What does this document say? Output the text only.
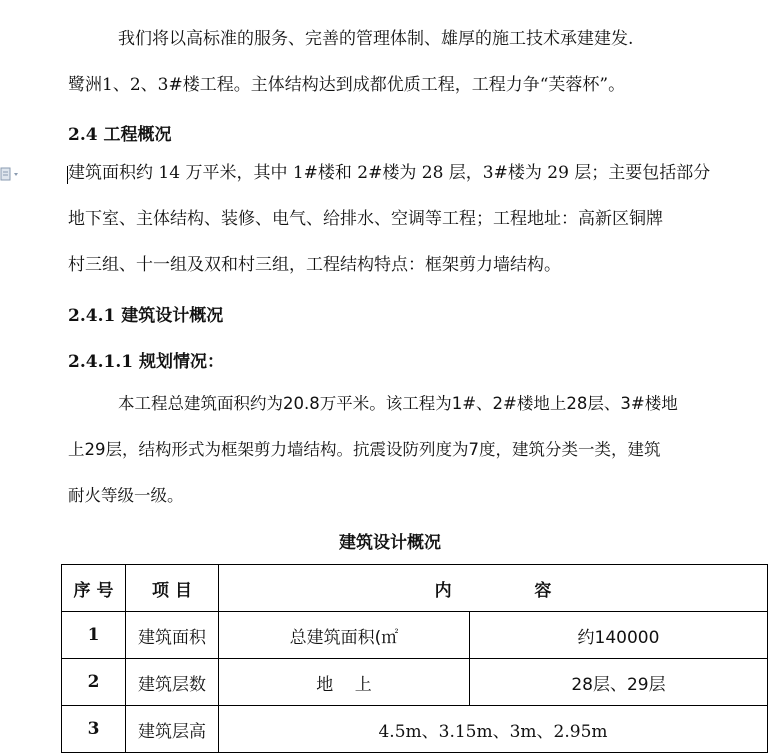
我们将以高标准的服务、完善的管理体制、雄厚的施工技术承建建发.
鹭洲1、2、3#楼工程。主体结构达到成都优质工程，工程力争“芙蓉杯”。
2.4 工程概况
建筑面积约 14 万平米，其中 1#楼和 2#楼为 28 层，3#楼为 29 层；主要包括部分
地下室、主体结构、装修、电气、给排水、空调等工程；工程地址：高新区铜牌
村三组、十一组及双和村三组，工程结构特点：框架剪力墙结构。
2.4.1 建筑设计概况
2.4.1.1 规划情况：
本工程总建筑面积约为20.8万平米。该工程为1#、2#楼地上28层、3#楼地
上29层，结构形式为框架剪力墙结构。抗震设防列度为7度，建筑分类一类，建筑
耐火等级一级。
建筑设计概况
序 号	项 目	内              容	
1	建筑面积	总建筑面积(㎡	约140000
2	建筑层数	地    上	28层、29层
3	建筑层高	4.5m、3.15m、3m、2.95m	
